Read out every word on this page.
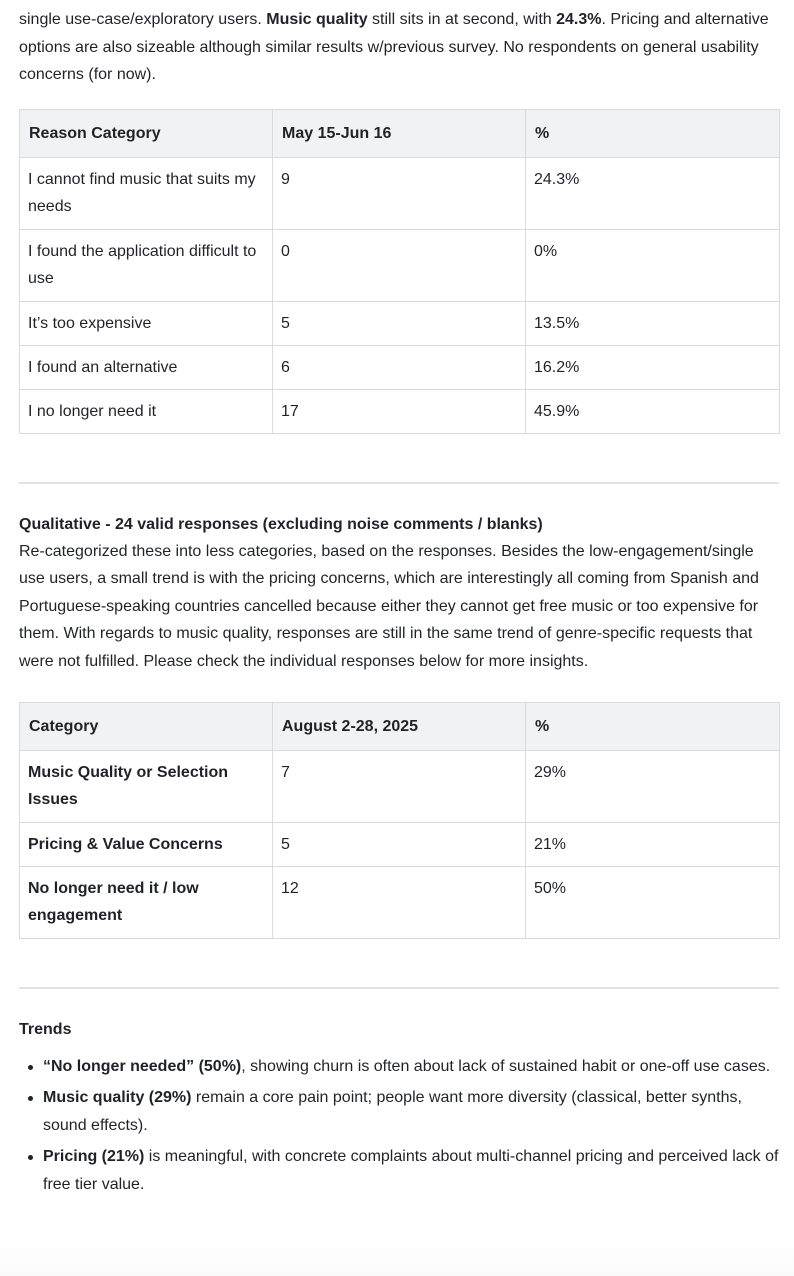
single use-case/exploratory users. Music quality still sits in at second, with 24.3%. Pricing and alternative options are also sizeable although similar results w/previous survey. No respondents on general usability concerns (for now).

Reason Category	May 15-Jun 16	%
I cannot find music that suits my needs	9	24.3%
I found the application difficult to use	0	0%
It’s too expensive	5	13.5%
I found an alternative	6	16.2%
I no longer need it	17	45.9%
Qualitative - 24 valid responses (excluding noise comments / blanks)

Re-categorized these into less categories, based on the responses. Besides the low-engagement/single use users, a small trend is with the pricing concerns, which are interestingly all coming from Spanish and Portuguese-speaking countries cancelled because either they cannot get free music or too expensive for them. With regards to music quality, responses are still in the same trend of genre-specific requests that were not fulfilled. Please check the individual responses below for more insights.

Category	August 2-28, 2025	%
Music Quality or Selection Issues	7	29%
Pricing & Value Concerns	5	21%
No longer need it / low engagement	12	50%
Trends
“No longer needed” (50%), showing churn is often about lack of sustained habit or one-off use cases.
Music quality (29%) remain a core pain point; people want more diversity (classical, better synths, sound effects).
Pricing (21%) is meaningful, with concrete complaints about multi-channel pricing and perceived lack of free tier value.
